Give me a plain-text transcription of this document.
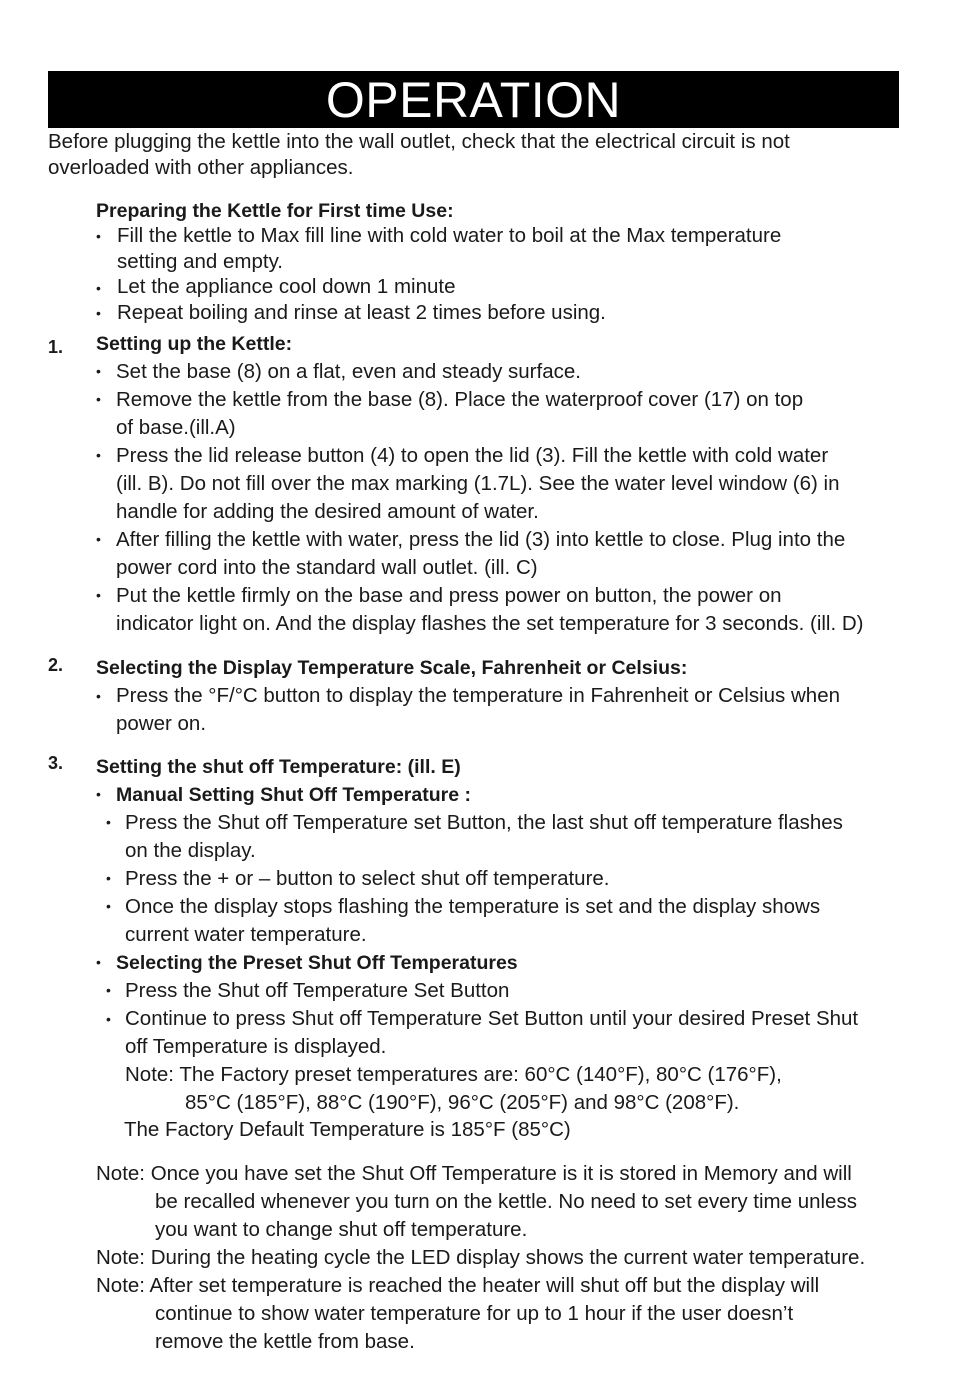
OPERATION

Before plugging the kettle into the wall outlet, check that the electrical circuit is not

overloaded with other appliances.

Preparing the Kettle for First time Use:

• Fill the kettle to Max fill line with cold water to boil at the Max temperature

setting and empty.

• Let the appliance cool down 1 minute

• Repeat boiling and rinse at least 2 times before using.

1. Setting up the Kettle:

• Set the base (8) on a flat, even and steady surface.

• Remove the kettle from the base (8). Place the waterproof cover (17) on top

of base.(ill.A)

• Press the lid release button (4) to open the lid (3). Fill the kettle with cold water

(ill. B). Do not fill over the max marking (1.7L). See the water level window (6) in

handle for adding the desired amount of water.

• After filling the kettle with water, press the lid (3) into kettle to close. Plug into the

power cord into the standard wall outlet. (ill. C)

• Put the kettle firmly on the base and press power on button, the power on

indicator light on. And the display flashes the set temperature for 3 seconds. (ill. D)

2. Selecting the Display Temperature Scale, Fahrenheit or Celsius:

• Press the °F/°C button to display the temperature in Fahrenheit or Celsius when

power on.

3. Setting the shut off Temperature: (ill. E)

• Manual Setting Shut Off Temperature :

• Press the Shut off Temperature set Button, the last shut off temperature flashes

on the display.

• Press the + or – button to select shut off temperature.

• Once the display stops flashing the temperature is set and the display shows

current water temperature.

• Selecting the Preset Shut Off Temperatures

• Press the Shut off Temperature Set Button

• Continue to press Shut off Temperature Set Button until your desired Preset Shut

off Temperature is displayed.

Note: The Factory preset temperatures are: 60°C (140°F), 80°C (176°F),

85°C (185°F), 88°C (190°F), 96°C (205°F) and 98°C (208°F).

The Factory Default Temperature is 185°F (85°C)

Note: Once you have set the Shut Off Temperature is it is stored in Memory and will

be recalled whenever you turn on the kettle. No need to set every time unless

you want to change shut off temperature.

Note: During the heating cycle the LED display shows the current water temperature.

Note: After set temperature is reached the heater will shut off but the display will

continue to show water temperature for up to 1 hour if the user doesn’t

remove the kettle from base.
